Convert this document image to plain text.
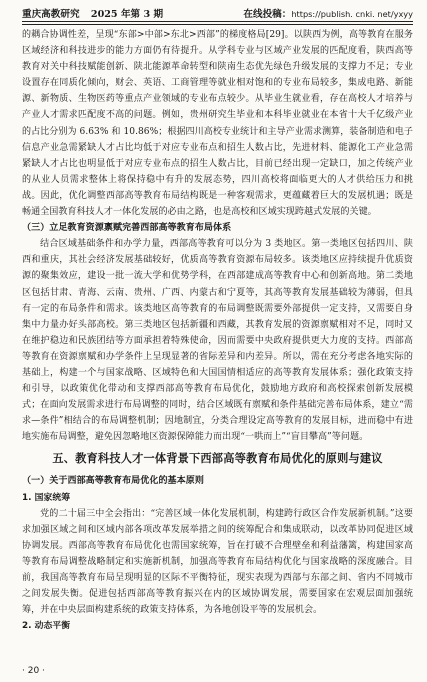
重庆高教研究 2025 年第 3 期	在线投稿：https://publish. cnki. net/yxyy

的耦合协调性差，呈现“东部>中部>东北>西部”的梯度格局[29]。以陕西为例，高等教育在服务区域经济和科技进步的能力方面仍有待提升。从学科专业与区域产业发展的匹配度看，陕西高等教育对关中科技赋能创新、陕北能源革命转型和陕南生态优先绿色升级发展的支撑力不足；专业设置存在同质化倾向，财会、英语、工商管理等就业相对饱和的专业布局较多，集成电路、新能源、新物质、生物医药等重点产业领域的专业布点较少。从毕业生就业看，存在高校人才培养与产业人才需求匹配度不高的问题。例如，贵州研究生毕业和本科毕业就业在本省十大千亿级产业的占比分别为 6.63% 和 10.86%；根据四川高校专业统计和主导产业需求测算，装备制造和电子信息产业急需紧缺人才占比均低于对应专业布点和招生人数占比，先进材料、能源化工产业急需紧缺人才占比也明显低于对应专业布点的招生人数占比，目前已经出现一定缺口，加之传统产业的从业人员需求整体上将保持稳中有升的发展态势，四川高校将面临更大的人才供给压力和挑战。因此，优化调整西部高等教育布局结构既是一种客观需求，更蕴藏着巨大的发展机遇；既是畅通全国教育科技人才一体化发展的必由之路，也是高校和区域实现跨越式发展的关键。

（三）立足教育资源禀赋完善西部高等教育布局体系

结合区域基础条件和办学力量，西部高等教育可以分为 3 类地区。第一类地区包括四川、陕西和重庆，其社会经济发展基础较好，优质高等教育资源布局较多。该类地区应持续提升优质资源的聚集效应，建设一批一流大学和优势学科，在西部建成高等教育中心和创新高地。第二类地区包括甘肃、青海、云南、贵州、广西、内蒙古和宁夏等，其高等教育发展基础较为薄弱，但具有一定的布局条件和需求。该类地区高等教育的布局调整既需要外部提供一定支持，又需要自身集中力量办好头部高校。第三类地区包括新疆和西藏，其教育发展的资源禀赋相对不足，同时又在维护稳边和民族团结等方面承担着特殊使命，因而需要中央政府提供更大力度的支持。西部高等教育在资源禀赋和办学条件上呈现显著的省际差异和内差异。所以，需在充分考虑各地实际的基础上，构建一个与国家战略、区域特色和大国国情相适应的高等教育发展体系；强化政策支持和引导，以政策优化带动和支撑西部高等教育布局优化，鼓励地方政府和高校探索创新发展模式；在面向发展需求进行布局调整的同时，结合区域既有禀赋和条件基础完善布局体系，建立“需求—条件”相结合的布局调整机制；因地制宜，分类合理设定高等教育的发展目标，进而稳中有进地实施布局调整，避免因忽略地区资源保障能力而出现“一哄而上”“盲目攀高”等问题。

五、教育科技人才一体背景下西部高等教育布局优化的原则与建议
（一）关于西部高等教育布局优化的基本原则
1. 国家统筹

党的二十届三中全会指出：“完善区域一体化发展机制，构建跨行政区合作发展新机制。”这要求加强区域之间和区域内部各项改革发展举措之间的统筹配合和集成联动，以改革协同促进区域协调发展。西部高等教育布局优化也需国家统筹，旨在打破不合理壁垒和利益藩篱，构建国家高等教育布局调整战略制定和实施新机制，加强高等教育布局结构优化与国家战略的深度融合。目前，我国高等教育布局呈现明显的区际不平衡特征，现实表现为西部与东部之间、省内不同城市之间发展失衡。促进包括西部高等教育振兴在内的区域协调发展，需要国家在宏观层面加强统筹，并在中央层面构建系统的政策支持体系，为各地创设平等的发展机会。

2. 动态平衡
· 20 ·
